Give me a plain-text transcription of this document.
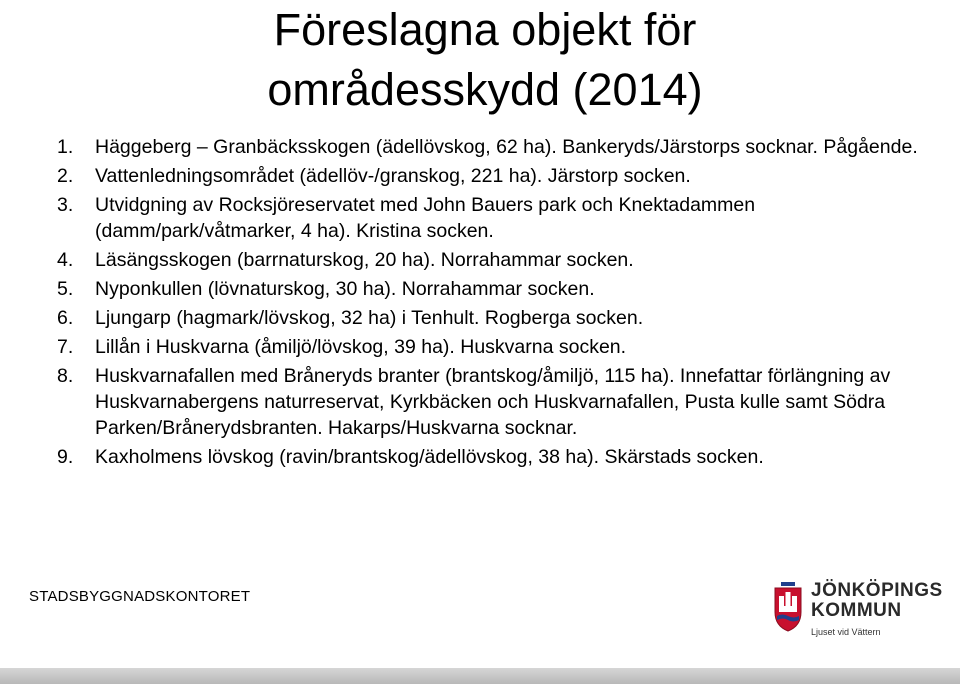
Föreslagna objekt för
områdesskydd (2014)
1. Häggeberg – Granbäcksskogen (ädellövskog, 62 ha). Bankeryds/Järstorps socknar. Pågående.
2. Vattenledningsområdet (ädellöv-/granskog, 221 ha). Järstorp socken.
3. Utvidgning av Rocksjöreservatet med John Bauers park och Knektadammen (damm/park/våtmarker, 4 ha). Kristina socken.
4. Läsängsskogen (barrnaturskog, 20 ha). Norrahammar socken.
5. Nyponkullen (lövnaturskog, 30 ha). Norrahammar socken.
6. Ljungarp (hagmark/lövskog, 32 ha) i Tenhult. Rogberga socken.
7. Lillån i Huskvarna (åmiljö/lövskog, 39 ha). Huskvarna socken.
8. Huskvarnafallen med Bråneryds branter (brantskog/åmiljö, 115 ha). Innefattar förlängning av Huskvarnabergens naturreservat, Kyrkbäcken och Huskvarnafallen, Pusta kulle samt Södra Parken/Brånerydsbranten. Hakarps/Huskvarna socknar.
9. Kaxholmens lövskog (ravin/brantskog/ädellövskog, 38 ha). Skärstads socken.
STADSBYGGNADSKONTORET	JÖNKÖPINGS
KOMMUN
Ljuset vid Vättern
